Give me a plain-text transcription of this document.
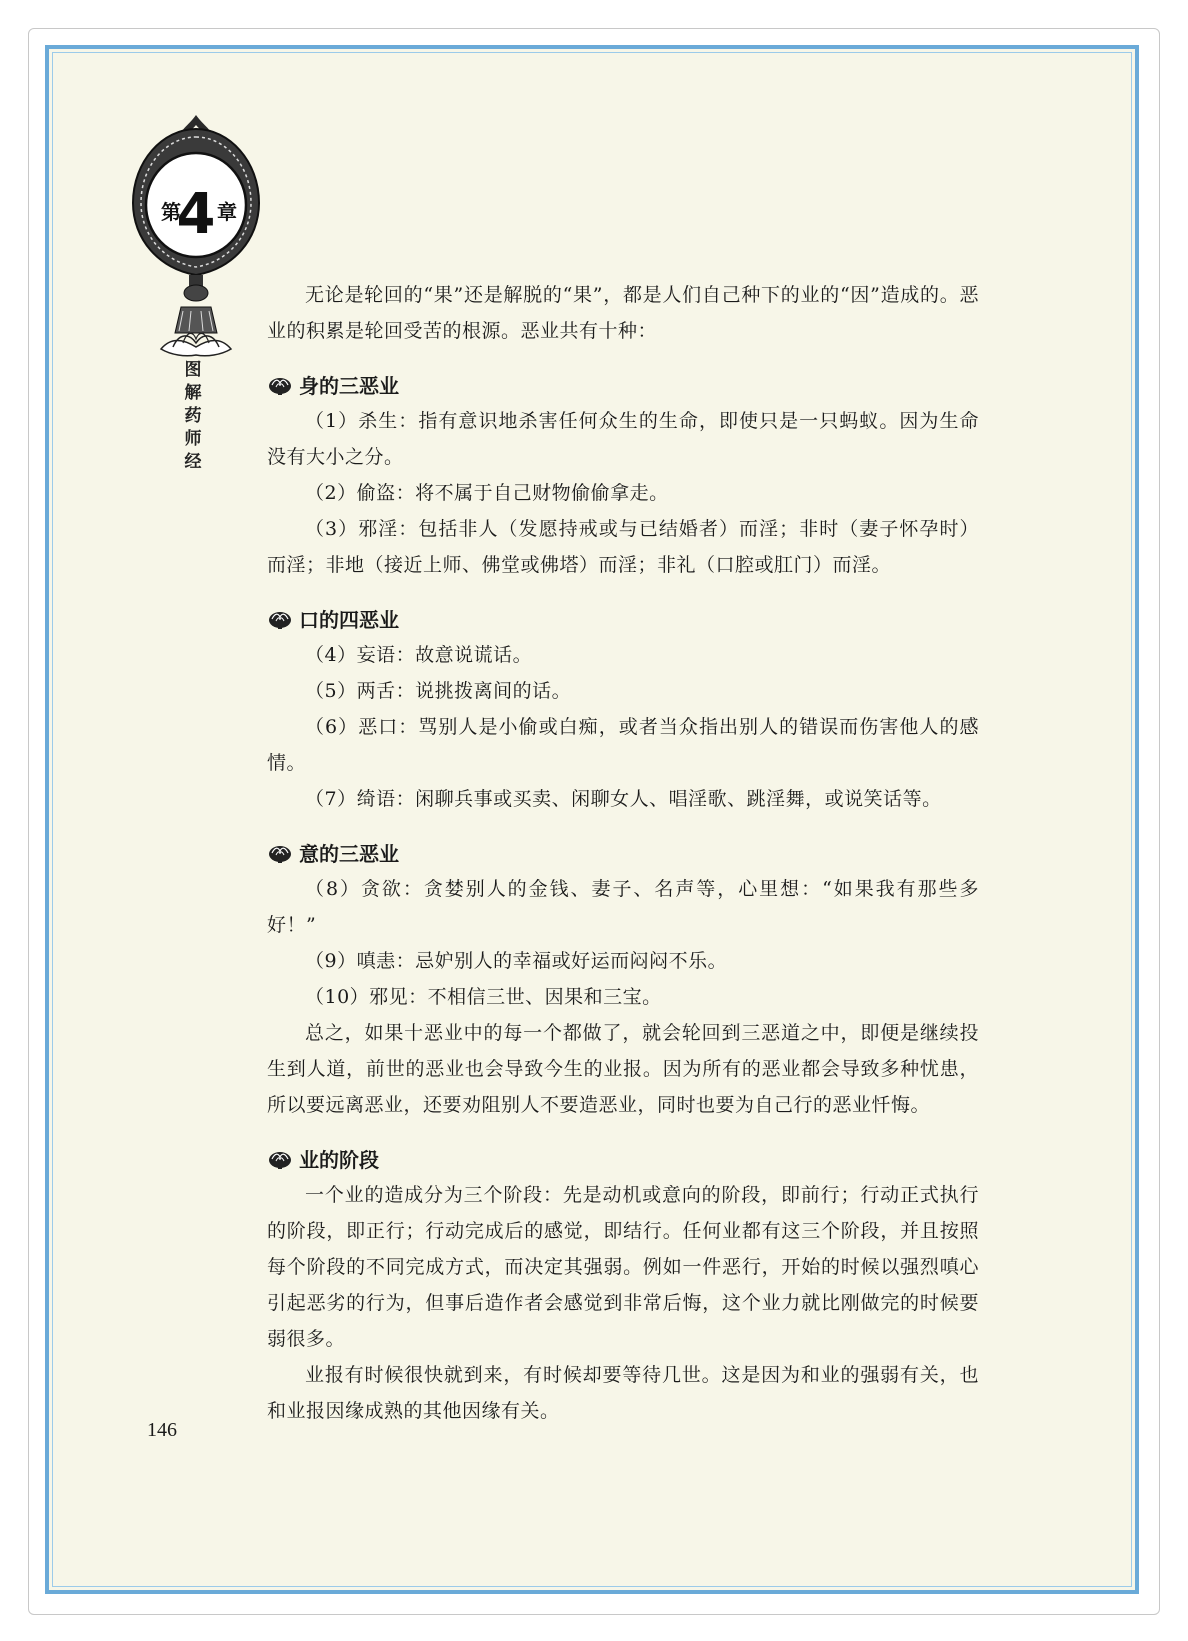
第
4 章
图
解
药
师
经

无论是轮回的“果”还是解脱的“果”，都是人们自己种下的业的“因”造成的。恶业的积累是轮回受苦的根源。恶业共有十种：

身的三恶业

（1）杀生：指有意识地杀害任何众生的生命，即使只是一只蚂蚁。因为生命没有大小之分。

（2）偷盗：将不属于自己财物偷偷拿走。

（3）邪淫：包括非人（发愿持戒或与已结婚者）而淫；非时（妻子怀孕时）而淫；非地（接近上师、佛堂或佛塔）而淫；非礼（口腔或肛门）而淫。

口的四恶业

（4）妄语：故意说谎话。

（5）两舌：说挑拨离间的话。

（6）恶口：骂别人是小偷或白痴，或者当众指出别人的错误而伤害他人的感情。

（7）绮语：闲聊兵事或买卖、闲聊女人、唱淫歌、跳淫舞，或说笑话等。

意的三恶业

（8）贪欲：贪婪别人的金钱、妻子、名声等，心里想：“如果我有那些多好！”

（9）嗔恚：忌妒别人的幸福或好运而闷闷不乐。

（10）邪见：不相信三世、因果和三宝。

总之，如果十恶业中的每一个都做了，就会轮回到三恶道之中，即便是继续投生到人道，前世的恶业也会导致今生的业报。因为所有的恶业都会导致多种忧患，所以要远离恶业，还要劝阻别人不要造恶业，同时也要为自己行的恶业忏悔。

业的阶段

一个业的造成分为三个阶段：先是动机或意向的阶段，即前行；行动正式执行的阶段，即正行；行动完成后的感觉，即结行。任何业都有这三个阶段，并且按照每个阶段的不同完成方式，而决定其强弱。例如一件恶行，开始的时候以强烈嗔心引起恶劣的行为，但事后造作者会感觉到非常后悔，这个业力就比刚做完的时候要弱很多。

业报有时候很快就到来，有时候却要等待几世。这是因为和业的强弱有关，也和业报因缘成熟的其他因缘有关。

146
